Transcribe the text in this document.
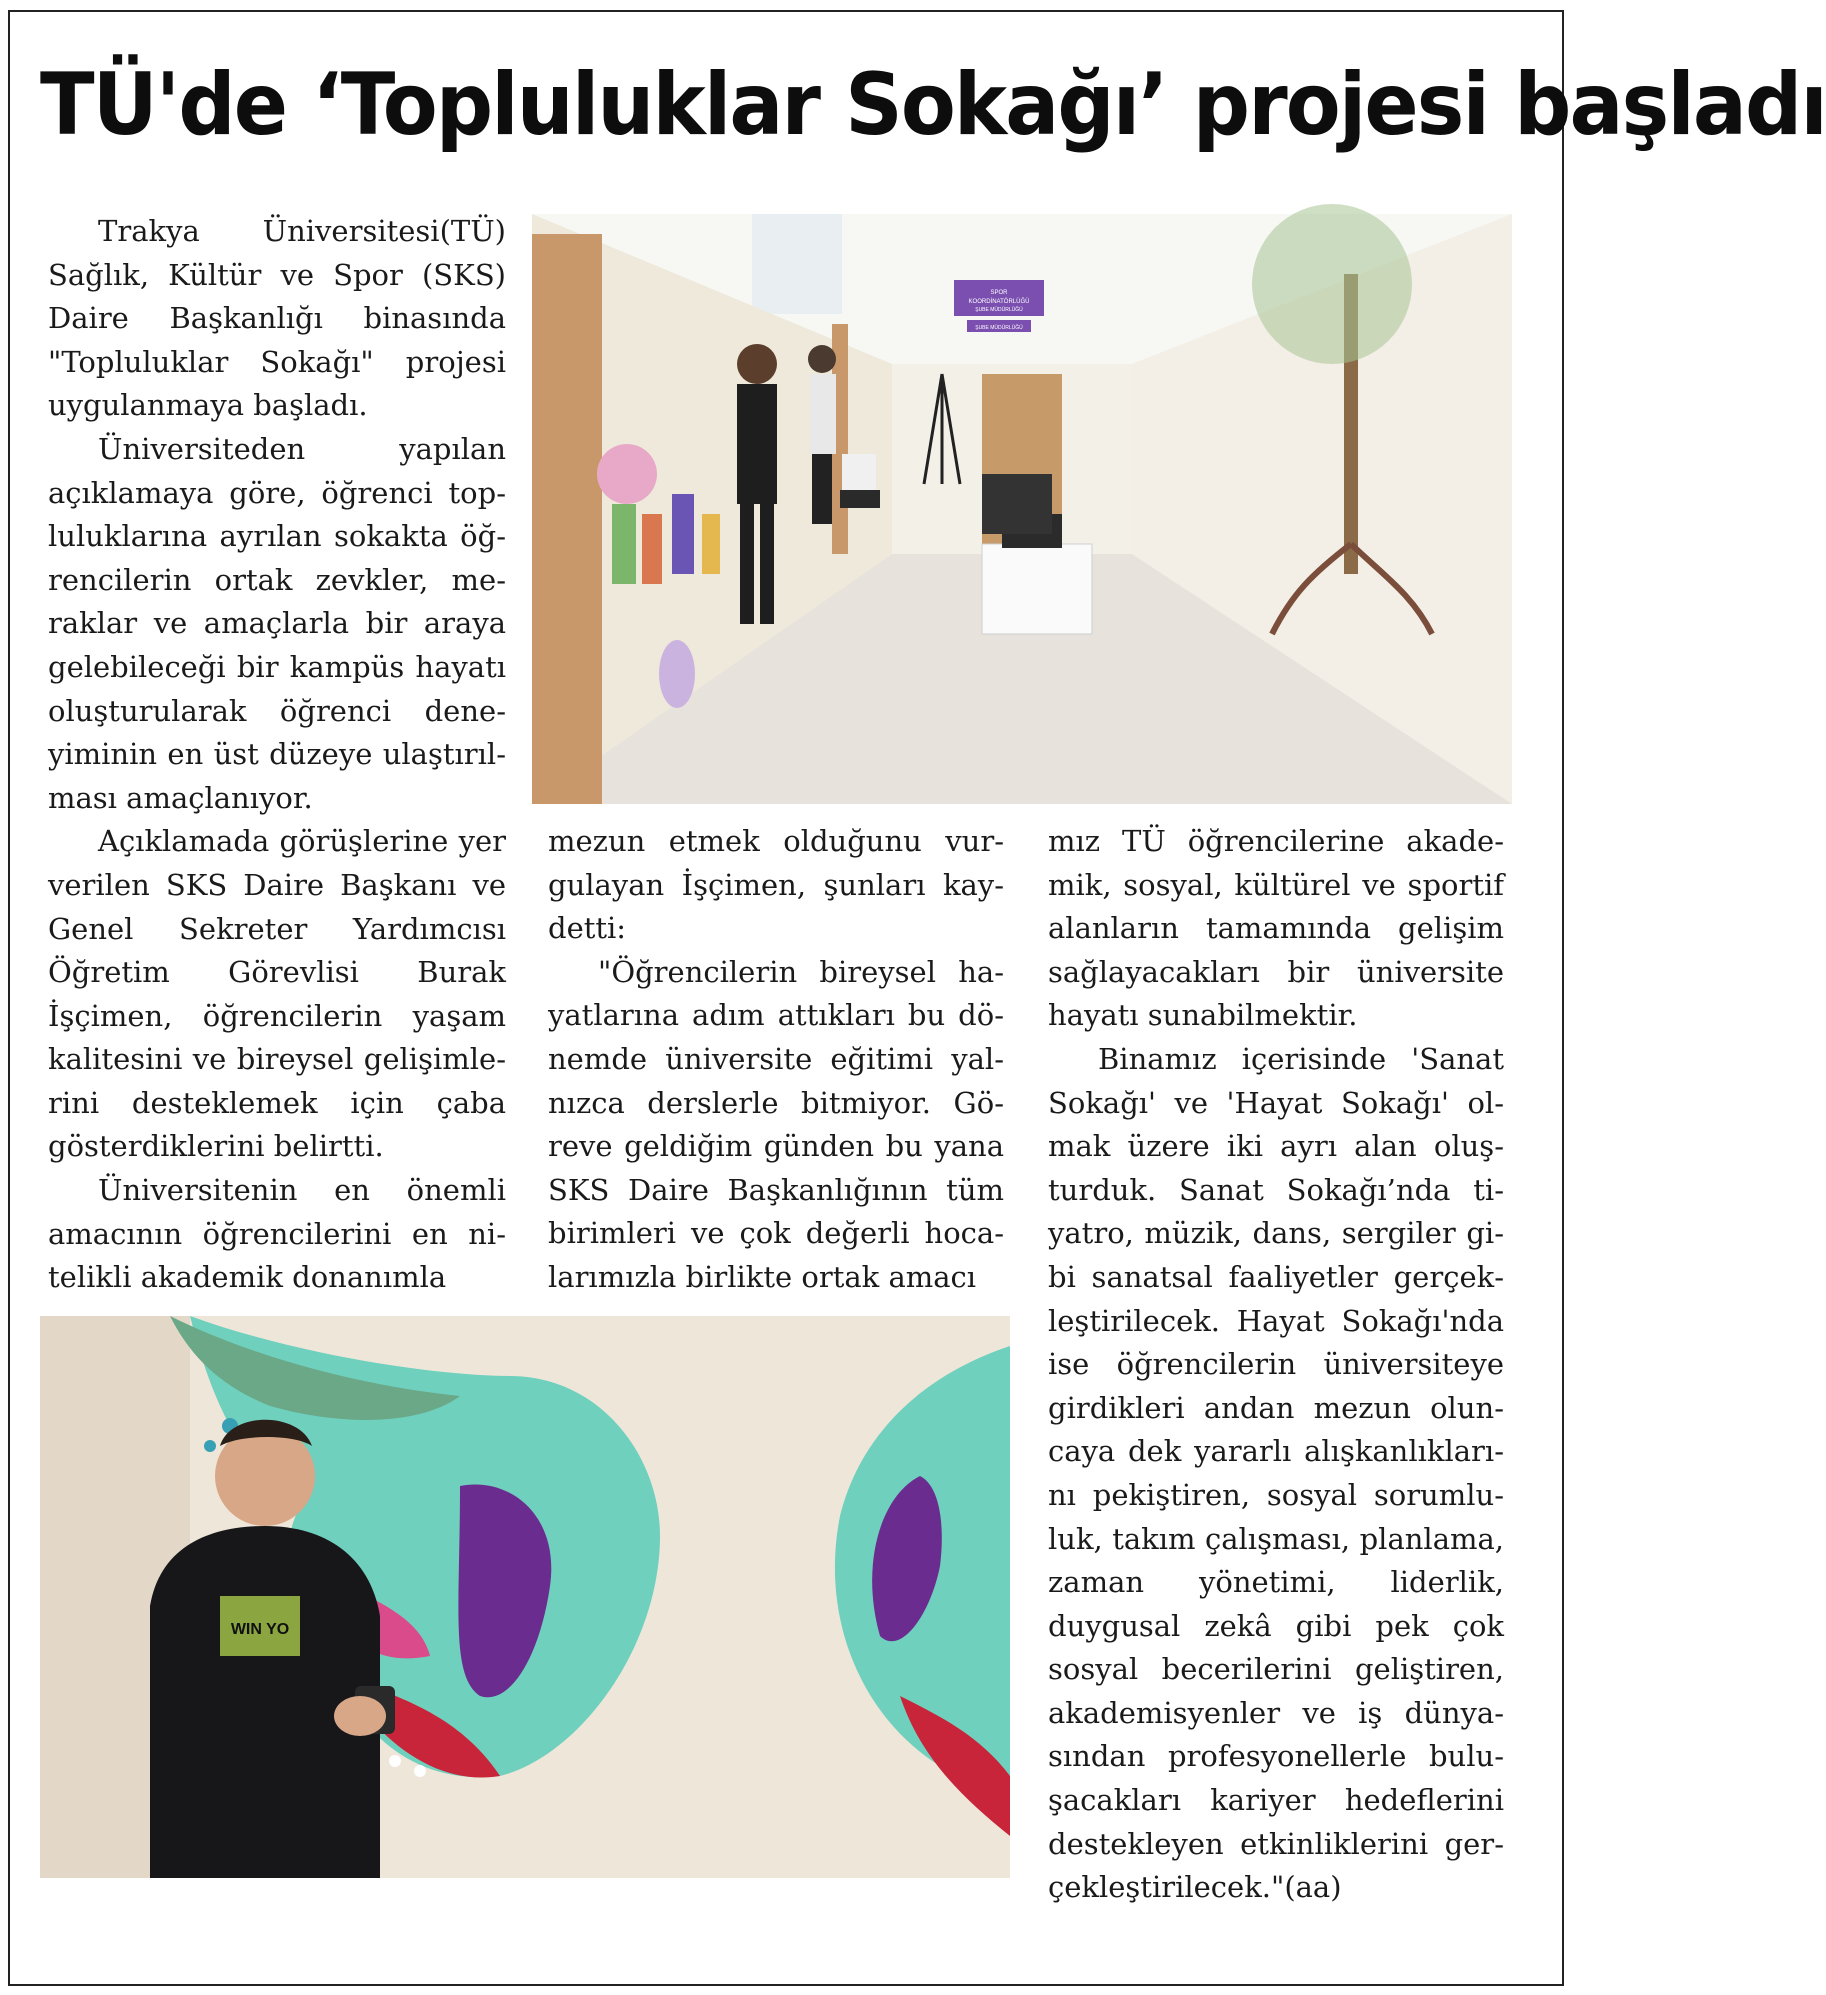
TÜ'de ‘Topluluklar Sokağı’ projesi başladı

Trakya Üniversitesi(TÜ) Sağlık, Kültür ve Spor (SKS) Daire Başkanlığı binasında "Topluluklar Sokağı" projesi uygulanmaya başladı.

Üniversiteden yapılan açıklamaya göre, öğrenci topluluklarına ayrılan sokakta öğrencilerin ortak zevkler, meraklar ve amaçlarla bir araya gelebileceği bir kampüs hayatı oluşturularak öğrenci deneyiminin en üst düzeye ulaştırılması amaçlanıyor.

Açıklamada görüşlerine yer verilen SKS Daire Başkanı ve Genel Sekreter Yardımcısı Öğretim Görevlisi Burak İşçimen, öğrencilerin yaşam kalitesini ve bireysel gelişimlerini desteklemek için çaba gösterdiklerini belirtti.

Üniversitenin en önemli amacının öğrencilerini en nitelikli akademik donanımla

mezun etmek olduğunu vurgulayan İşçimen, şunları kaydetti:

"Öğrencilerin bireysel hayatlarına adım attıkları bu dönemde üniversite eğitimi yalnızca derslerle bitmiyor. Göreve geldiğim günden bu yana SKS Daire Başkanlığının tüm birimleri ve çok değerli hocalarımızla birlikte ortak amacı

mız TÜ öğrencilerine akademik, sosyal, kültürel ve sportif alanların tamamında gelişim sağlayacakları bir üniversite hayatı sunabilmektir.

Binamız içerisinde 'Sanat Sokağı' ve 'Hayat Sokağı' olmak üzere iki ayrı alan oluşturduk. Sanat Sokağı’nda tiyatro, müzik, dans, sergiler gibi sanatsal faaliyetler gerçekleştirilecek. Hayat Sokağı'nda ise öğrencilerin üniversiteye girdikleri andan mezun oluncaya dek yararlı alışkanlıklarını pekiştiren, sosyal sorumluluk, takım çalışması, planlama, zaman yönetimi, liderlik, duygusal zekâ gibi pek çok sosyal becerilerini geliştiren, akademisyenler ve iş dünyasından profesyonellerle buluşacakları kariyer hedeflerini destekleyen etkinliklerini gerçekleştirilecek."(aa)

SPOR
KOORDİNATÖRLÜĞÜ
ŞUBE MÜDÜRLÜĞÜ
ŞUBE MÜDÜRLÜĞÜ
WIN YO
